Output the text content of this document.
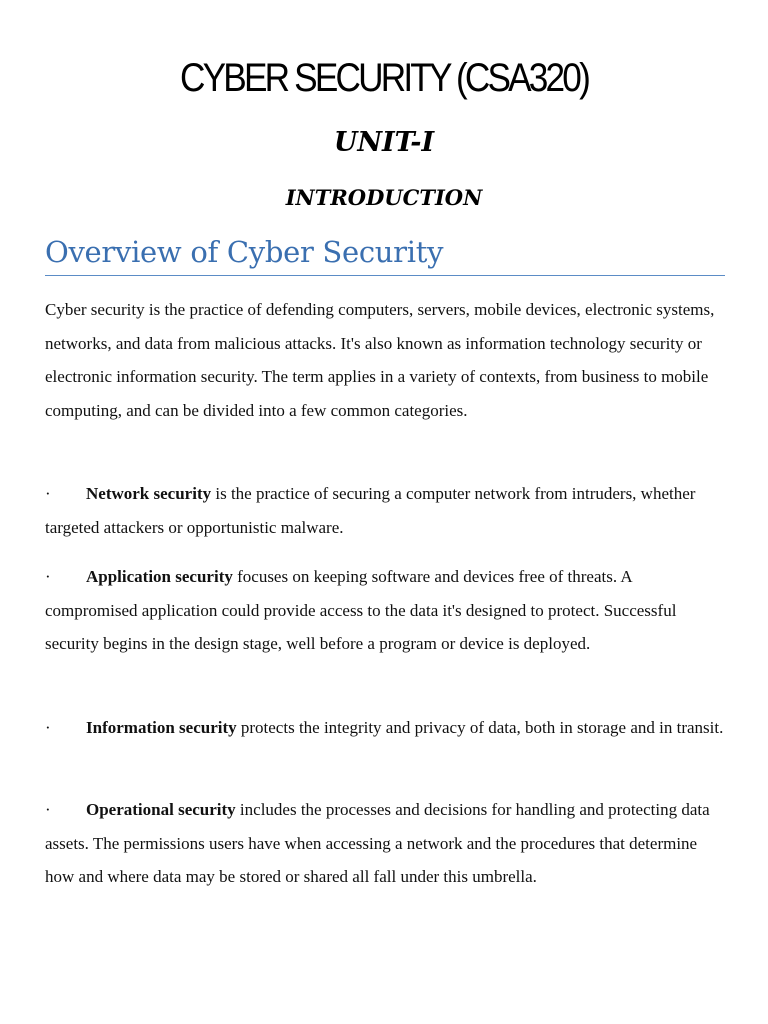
CYBER SECURITY (CSA320)
UNIT-I
INTRODUCTION
Overview of Cyber Security
Cyber security is the practice of defending computers, servers, mobile devices, electronic systems, networks, and data from malicious attacks. It's also known as information technology security or electronic information security. The term applies in a variety of contexts, from business to mobile computing, and can be divided into a few common categories.
· Network security is the practice of securing a computer network from intruders, whether targeted attackers or opportunistic malware.
· Application security focuses on keeping software and devices free of threats. A compromised application could provide access to the data it's designed to protect. Successful security begins in the design stage, well before a program or device is deployed.
· Information security protects the integrity and privacy of data, both in storage and in transit.
· Operational security includes the processes and decisions for handling and protecting data assets. The permissions users have when accessing a network and the procedures that determine how and where data may be stored or shared all fall under this umbrella.
